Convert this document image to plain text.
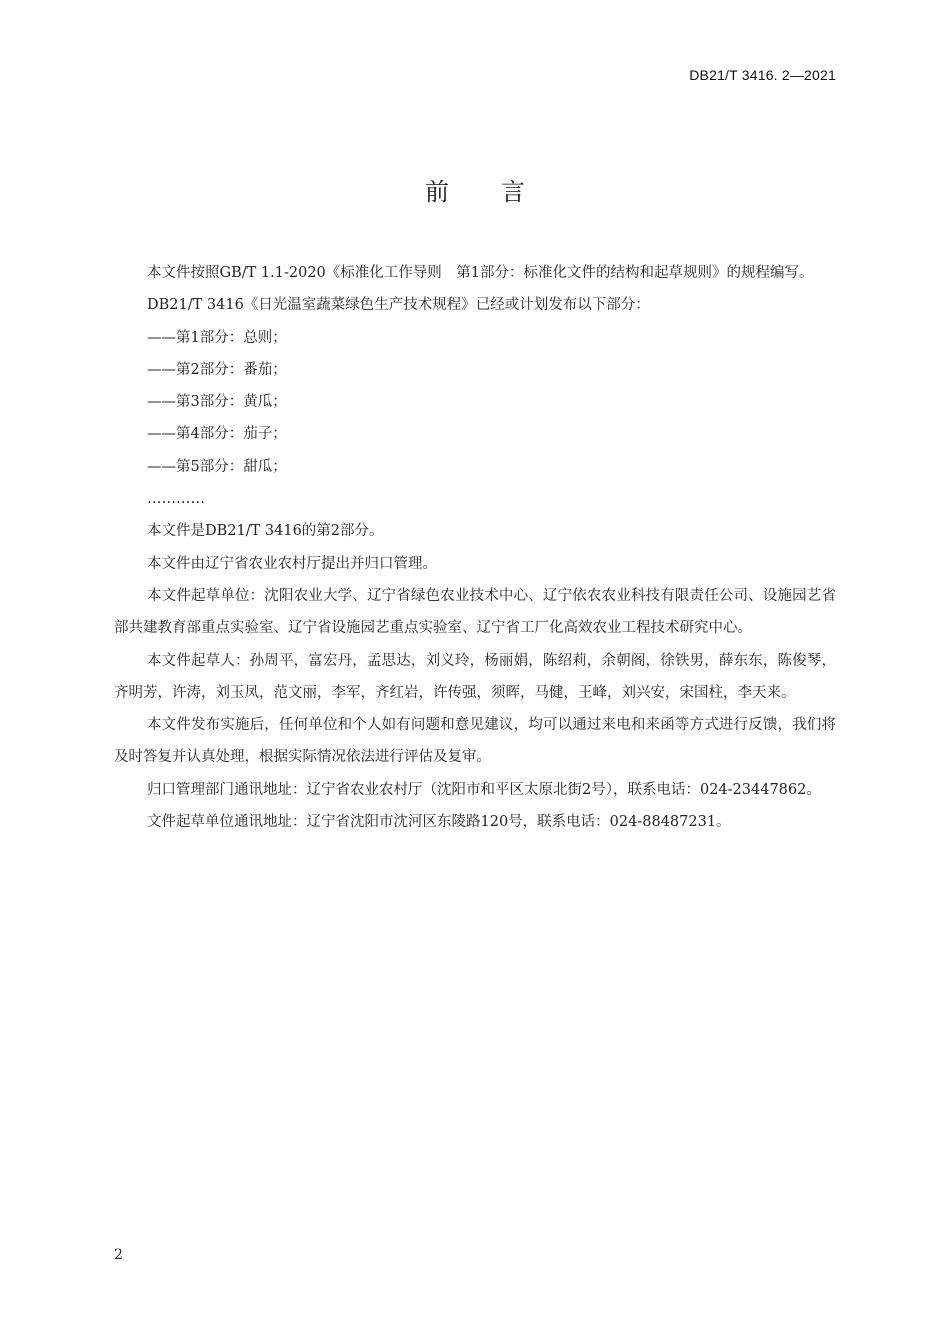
DB21/T 3416. 2—2021
前言

本文件按照GB/T 1.1-2020《标准化工作导则　第1部分：标准化文件的结构和起草规则》的规程编写。

DB21/T 3416《日光温室蔬菜绿色生产技术规程》已经或计划发布以下部分：

——第1部分：总则；

——第2部分：番茄；

——第3部分：黄瓜；

——第4部分：茄子；

——第5部分：甜瓜；

…………

本文件是DB21/T 3416的第2部分。

本文件由辽宁省农业农村厅提出并归口管理。

本文件起草单位：沈阳农业大学、辽宁省绿色农业技术中心、辽宁依农农业科技有限责任公司、设施园艺省部共建教育部重点实验室、辽宁省设施园艺重点实验室、辽宁省工厂化高效农业工程技术研究中心。

本文件起草人：孙周平，富宏丹，孟思达，刘义玲，杨丽娟，陈绍莉，余朝阁，徐铁男，薛东东，陈俊琴，齐明芳，许涛，刘玉凤，范文丽，李军，齐红岩，许传强，须晖，马健，王峰，刘兴安，宋国柱，李天来。

本文件发布实施后，任何单位和个人如有问题和意见建议，均可以通过来电和来函等方式进行反馈，我们将及时答复并认真处理，根据实际情况依法进行评估及复审。

归口管理部门通讯地址：辽宁省农业农村厅（沈阳市和平区太原北街2号），联系电话：024-23447862。

文件起草单位通讯地址：辽宁省沈阳市沈河区东陵路120号，联系电话：024-88487231。

2
